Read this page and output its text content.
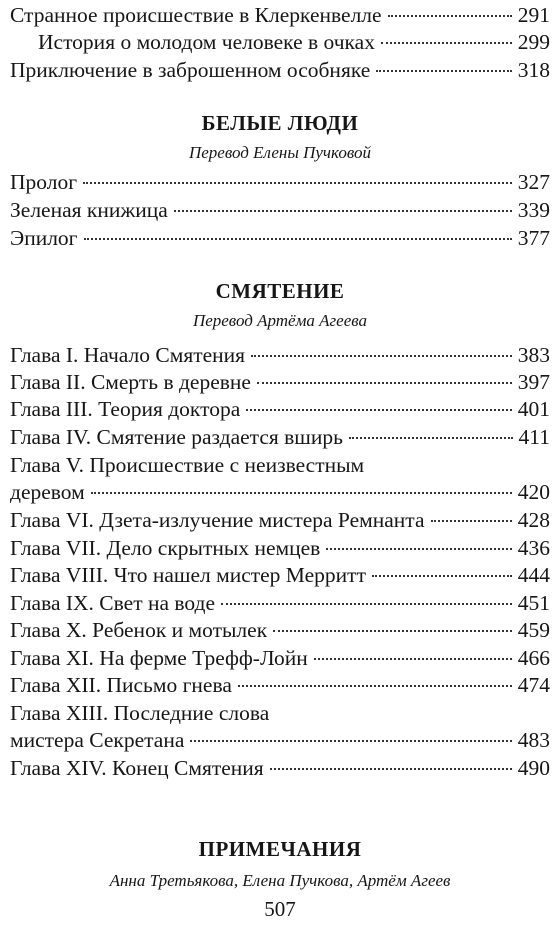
Странное происшествие в Клеркенвелле	291
История о молодом человеке в очках	299
Приключение в заброшенном особняке	318
БЕЛЫЕ ЛЮДИ
Перевод Елены Пучковой
Пролог	327
Зеленая книжица	339
Эпилог	377
СМЯТЕНИЕ
Перевод Артёма Агеева
Глава I. Начало Смятения	383
Глава II. Смерть в деревне	397
Глава III. Теория доктора	401
Глава IV. Смятение раздается вширь	411
Глава V. Происшествие с неизвестным
деревом	420
Глава VI. Дзета-излучение мистера Ремнанта	428
Глава VII. Дело скрытных немцев	436
Глава VIII. Что нашел мистер Мерритт	444
Глава IX. Свет на воде	451
Глава X. Ребенок и мотылек	459
Глава XI. На ферме Трефф-Лойн	466
Глава XII. Письмо гнева	474
Глава XIII. Последние слова
мистера Секретана	483
Глава XIV. Конец Смятения	490
ПРИМЕЧАНИЯ
Анна Третьякова, Елена Пучкова, Артём Агеев
507
